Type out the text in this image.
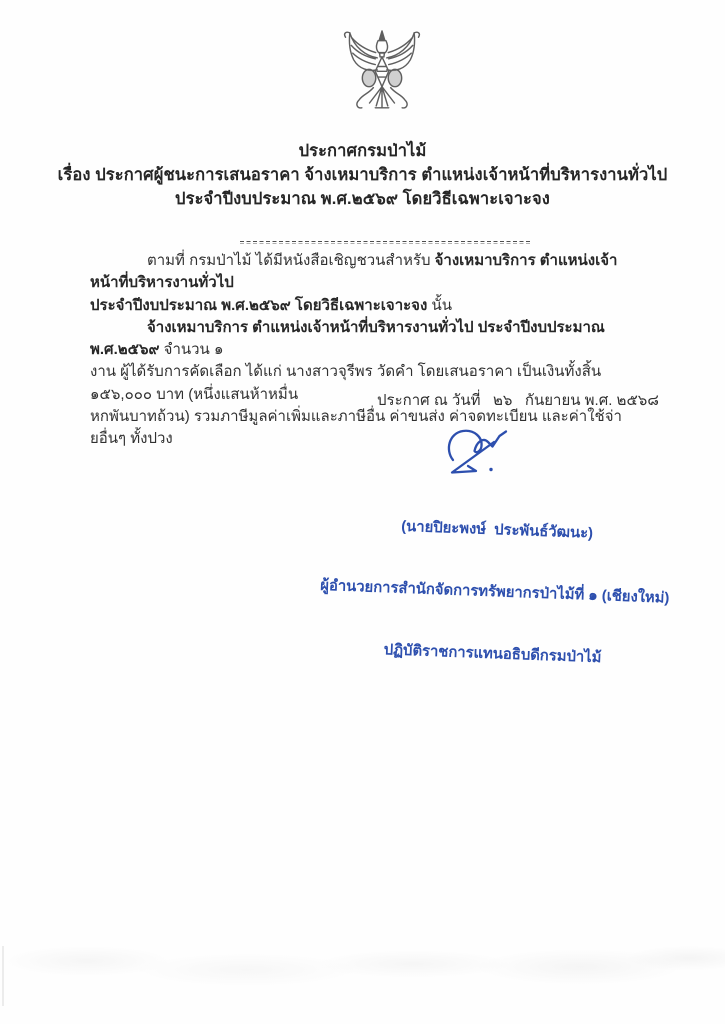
ประกาศกรมป่าไม้
เรื่อง ประกาศผู้ชนะการเสนอราคา จ้างเหมาบริการ ตำแหน่งเจ้าหน้าที่บริหารงานทั่วไป
ประจำปีงบประมาณ พ.ศ.๒๕๖๙ โดยวิธีเฉพาะเจาะจง
ตามที่ กรมป่าไม้ ได้มีหนังสือเชิญชวนสำหรับ จ้างเหมาบริการ ตำแหน่งเจ้าหน้าที่บริหารงานทั่วไป
ประจำปีงบประมาณ พ.ศ.๒๕๖๙ โดยวิธีเฉพาะเจาะจง นั้น
จ้างเหมาบริการ ตำแหน่งเจ้าหน้าที่บริหารงานทั่วไป ประจำปีงบประมาณ พ.ศ.๒๕๖๙ จำนวน ๑
งาน ผู้ได้รับการคัดเลือก ได้แก่ นางสาวจุรีพร วัดคำ โดยเสนอราคา เป็นเงินทั้งสิ้น ๑๕๖,๐๐๐ บาท (หนึ่งแสนห้าหมื่น
หกพันบาทถ้วน) รวมภาษีมูลค่าเพิ่มและภาษีอื่น ค่าขนส่ง ค่าจดทะเบียน และค่าใช้จ่ายอื่นๆ ทั้งปวง
ประกาศ ณ วันที่   ๒๖   กันยายน พ.ศ. ๒๕๖๘

(นายปิยะพงษ์  ประพันธ์วัฒนะ)

ผู้อำนวยการสำนักจัดการทรัพยากรป่าไม้ที่ ๑ (เชียงใหม่)

ปฏิบัติราชการแทนอธิบดีกรมป่าไม้
